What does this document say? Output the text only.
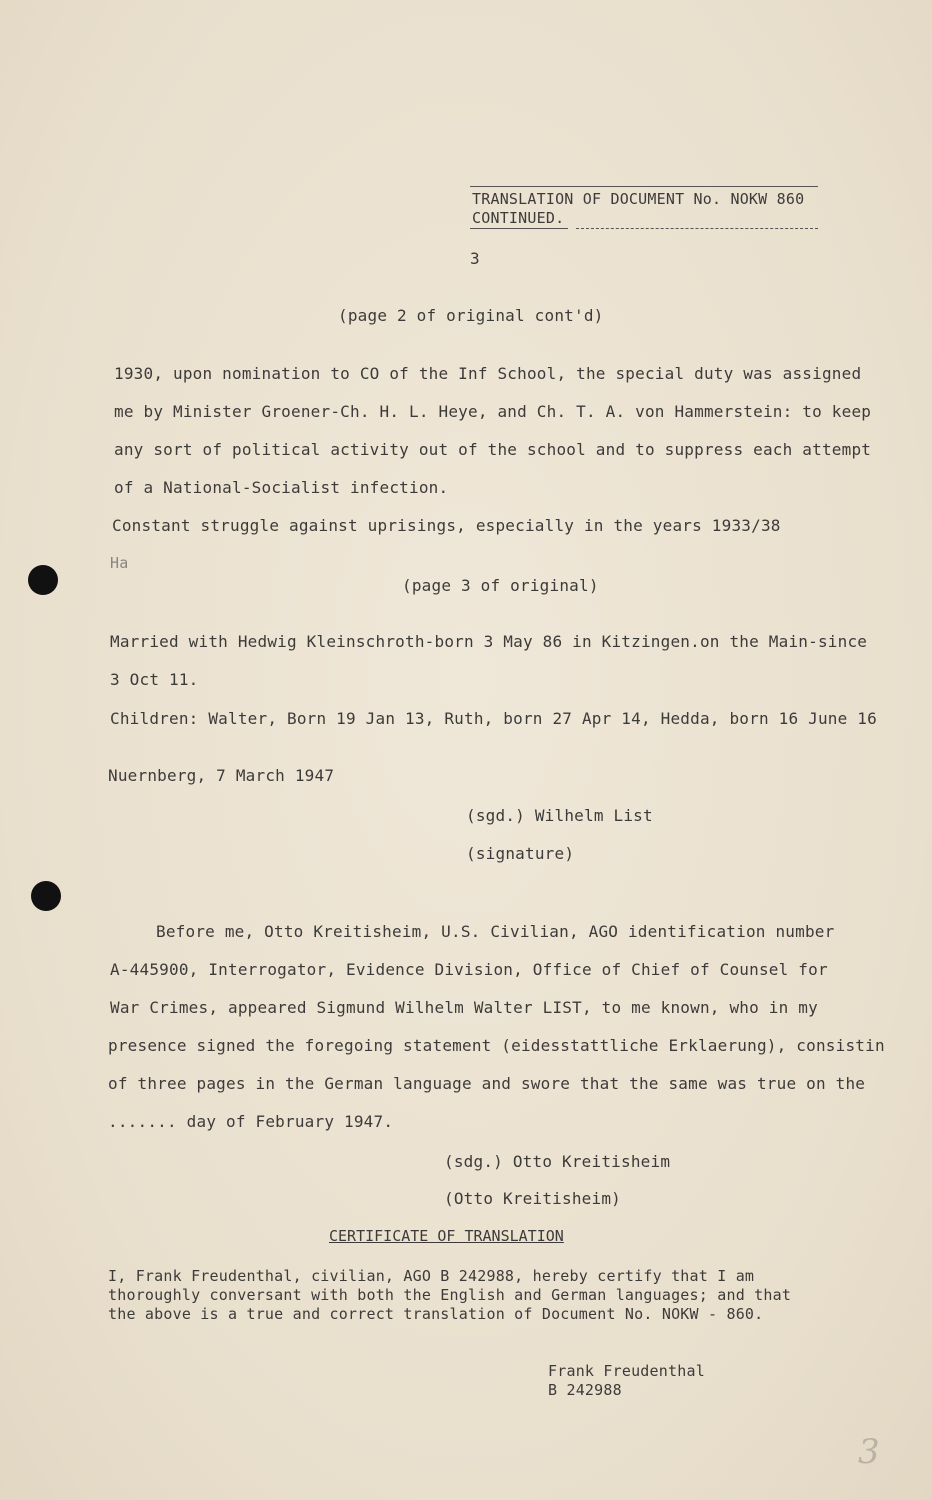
TRANSLATION OF DOCUMENT No. NOKW 860
CONTINUED.
3
(page 2 of original cont'd)
1930, upon nomination to CO of the Inf School, the special duty was assigned
me by Minister Groener-Ch. H. L. Heye, and Ch. T. A. von Hammerstein: to keep
any sort of political activity out of the school and to suppress each attempt
of a National-Socialist infection.
Constant struggle against uprisings, especially in the years 1933/38
Ha
(page 3 of original)
Married with Hedwig Kleinschroth-born 3 May 86 in Kitzingen.on the Main-since
3 Oct 11.
Children: Walter, Born 19 Jan 13, Ruth, born 27 Apr 14, Hedda, born 16 June 16
Nuernberg, 7 March 1947
(sgd.) Wilhelm List
(signature)
Before me, Otto Kreitisheim, U.S. Civilian, AGO identification number
A-445900, Interrogator, Evidence Division, Office of Chief of Counsel for
War Crimes, appeared Sigmund Wilhelm Walter LIST, to me known, who in my
presence signed the foregoing statement (eidesstattliche Erklaerung), consistin
of three pages in the German language and swore that the same was true on the
....... day of February 1947.
(sdg.) Otto Kreitisheim
(Otto Kreitisheim)
CERTIFICATE OF TRANSLATION
I, Frank Freudenthal, civilian, AGO B 242988, hereby certify that I am
thoroughly conversant with both the English and German languages; and that
the above is a true and correct translation of Document No. NOKW - 860.
Frank Freudenthal
B 242988
3
